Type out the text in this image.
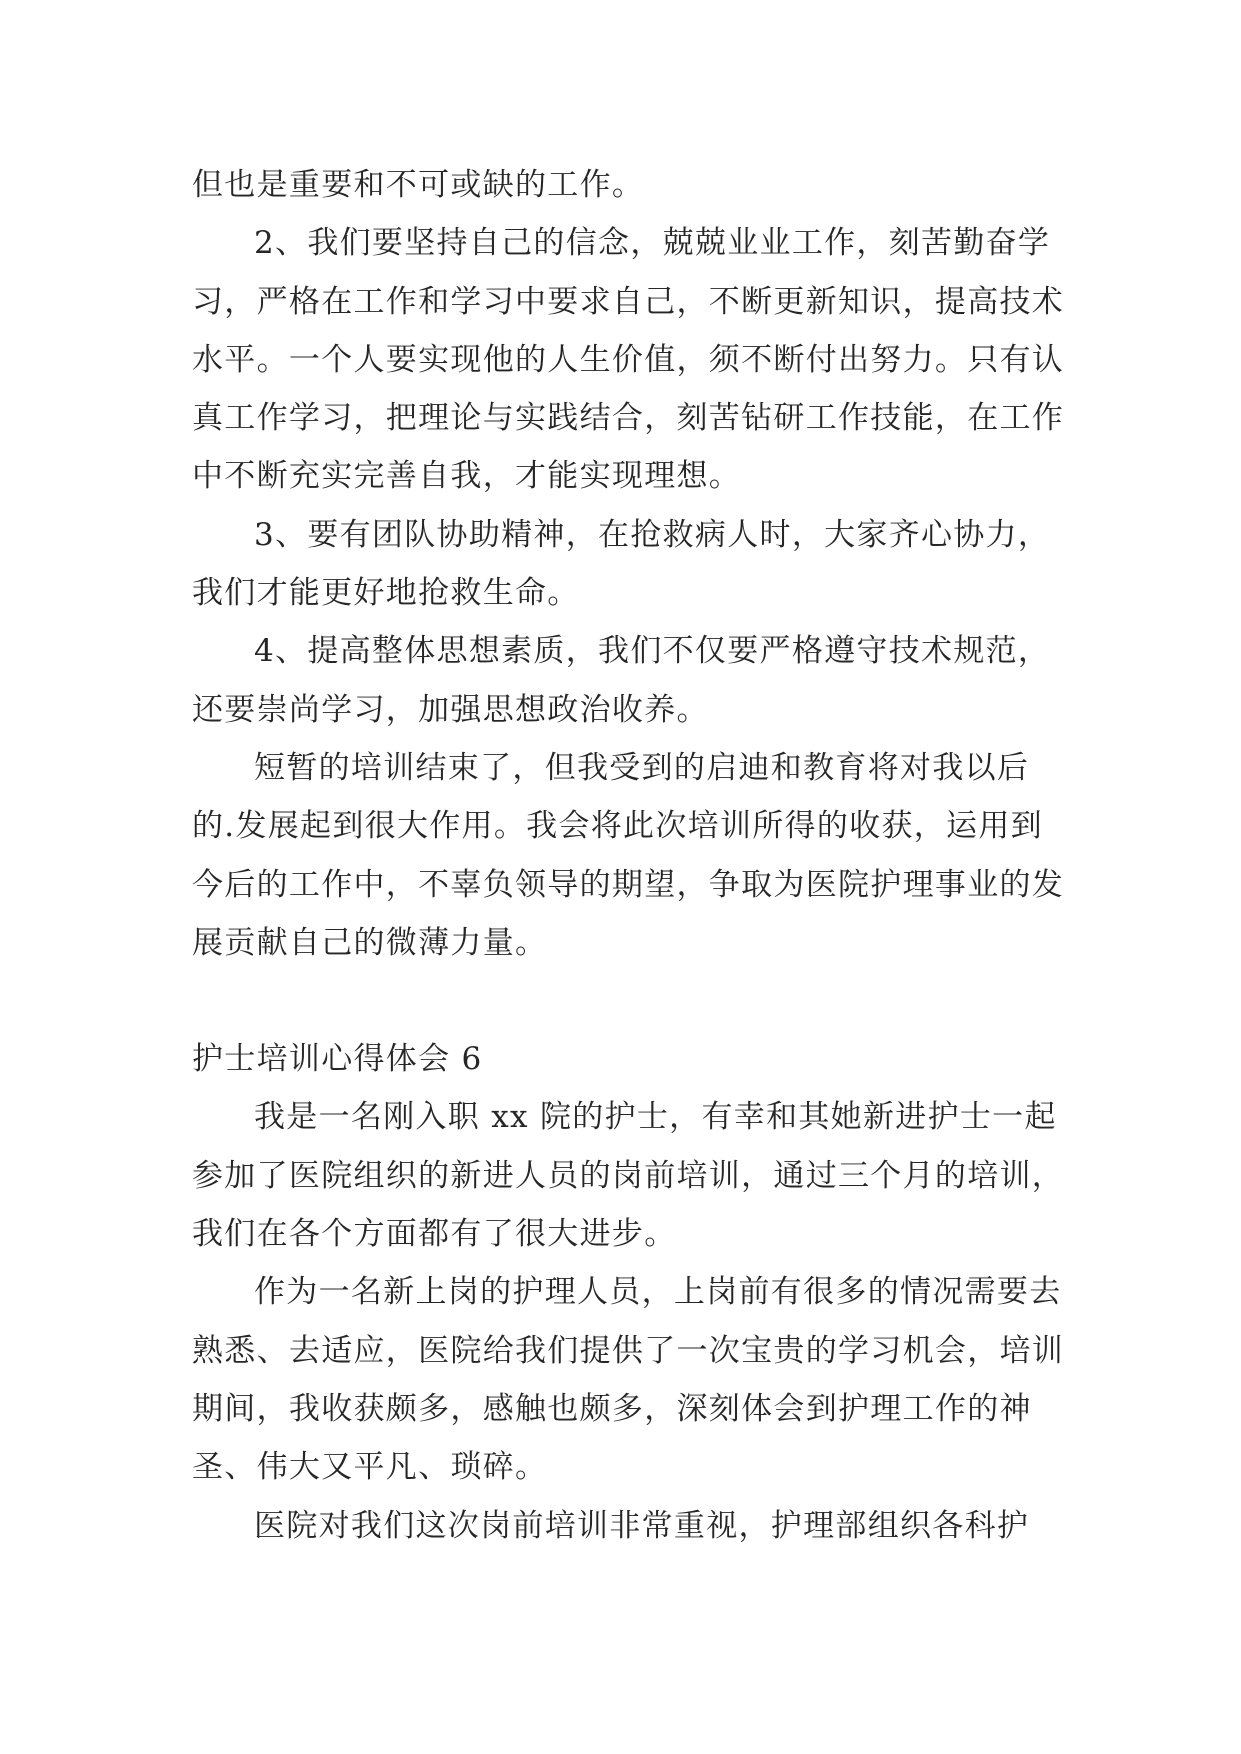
但也是重要和不可或缺的工作。

2、我们要坚持自己的信念，兢兢业业工作，刻苦勤奋学习，严格在工作和学习中要求自己，不断更新知识，提高技术水平。一个人要实现他的人生价值，须不断付出努力。只有认真工作学习，把理论与实践结合，刻苦钻研工作技能，在工作中不断充实完善自我，才能实现理想。

3、要有团队协助精神，在抢救病人时，大家齐心协力，我们才能更好地抢救生命。

4、提高整体思想素质，我们不仅要严格遵守技术规范，还要崇尚学习，加强思想政治收养。

短暂的培训结束了，但我受到的启迪和教育将对我以后的.发展起到很大作用。我会将此次培训所得的收获，运用到今后的工作中，不辜负领导的期望，争取为医院护理事业的发展贡献自己的微薄力量。

护士培训心得体会 6

我是一名刚入职 xx 院的护士，有幸和其她新进护士一起参加了医院组织的新进人员的岗前培训，通过三个月的培训，我们在各个方面都有了很大进步。

作为一名新上岗的护理人员，上岗前有很多的情况需要去熟悉、去适应，医院给我们提供了一次宝贵的学习机会，培训期间，我收获颇多，感触也颇多，深刻体会到护理工作的神圣、伟大又平凡、琐碎。

医院对我们这次岗前培训非常重视，护理部组织各科护
